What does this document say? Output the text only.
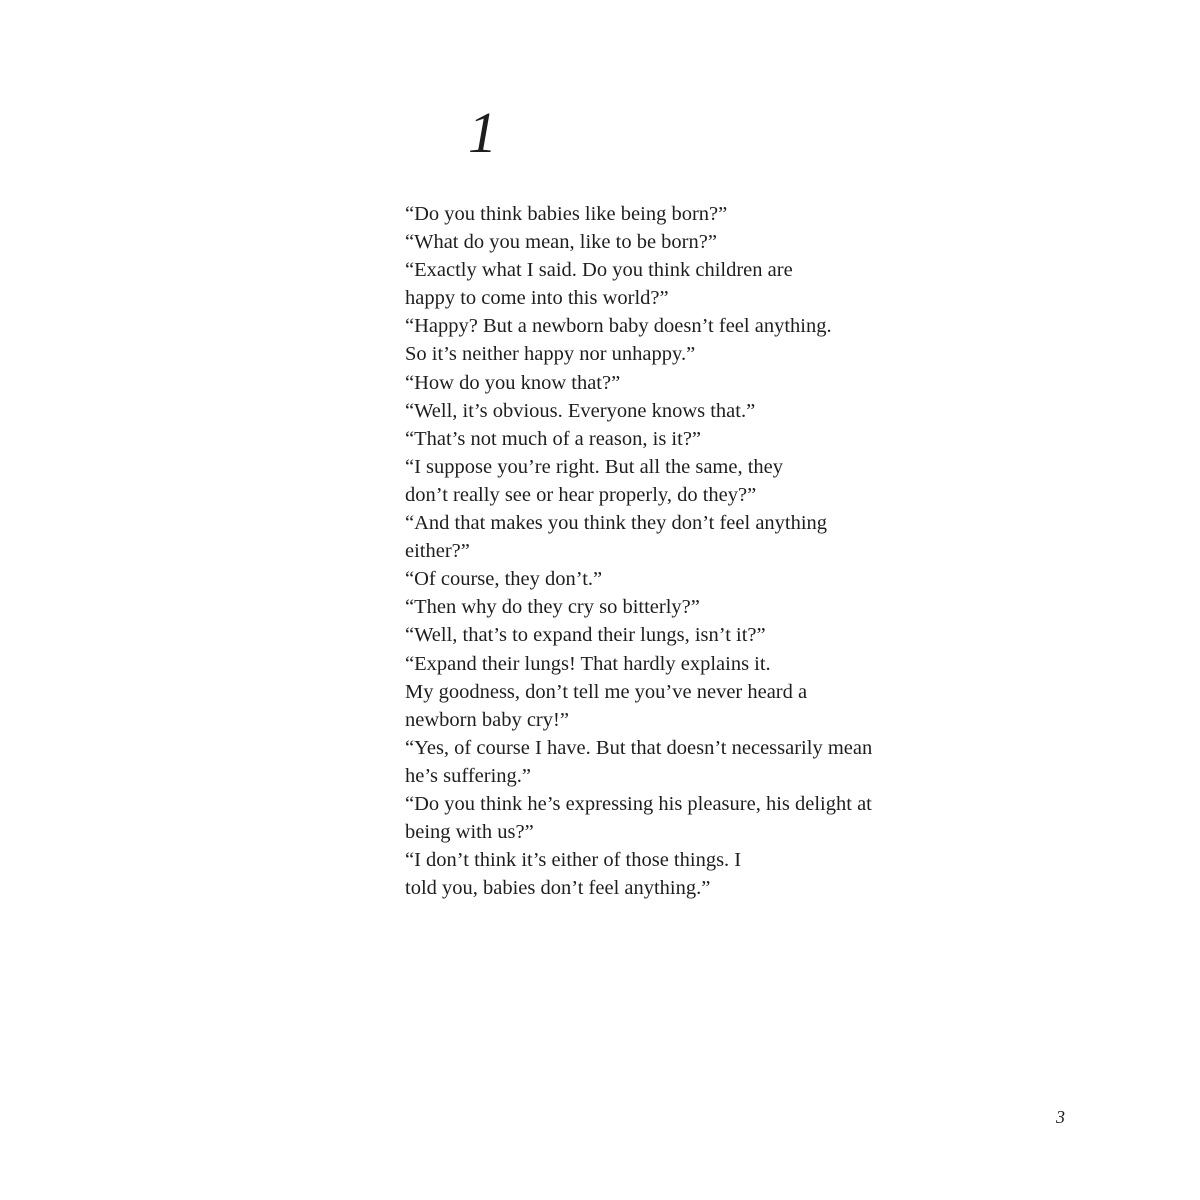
1
“Do you think babies like being born?”
“What do you mean, like to be born?”
“Exactly what I said. Do you think children are
happy to come into this world?”
“Happy? But a newborn baby doesn’t feel anything.
So it’s neither happy nor unhappy.”
“How do you know that?”
“Well, it’s obvious. Everyone knows that.”
“That’s not much of a reason, is it?”
“I suppose you’re right. But all the same, they
don’t really see or hear properly, do they?”
“And that makes you think they don’t feel anything
either?”
“Of course, they don’t.”
“Then why do they cry so bitterly?”
“Well, that’s to expand their lungs, isn’t it?”
“Expand their lungs! That hardly explains it.
My goodness, don’t tell me you’ve never heard a
newborn baby cry!”
“Yes, of course I have. But that doesn’t necessarily mean
he’s suffering.”
“Do you think he’s expressing his pleasure, his delight at
being with us?”
“I don’t think it’s either of those things. I
told you, babies don’t feel anything.”
3
